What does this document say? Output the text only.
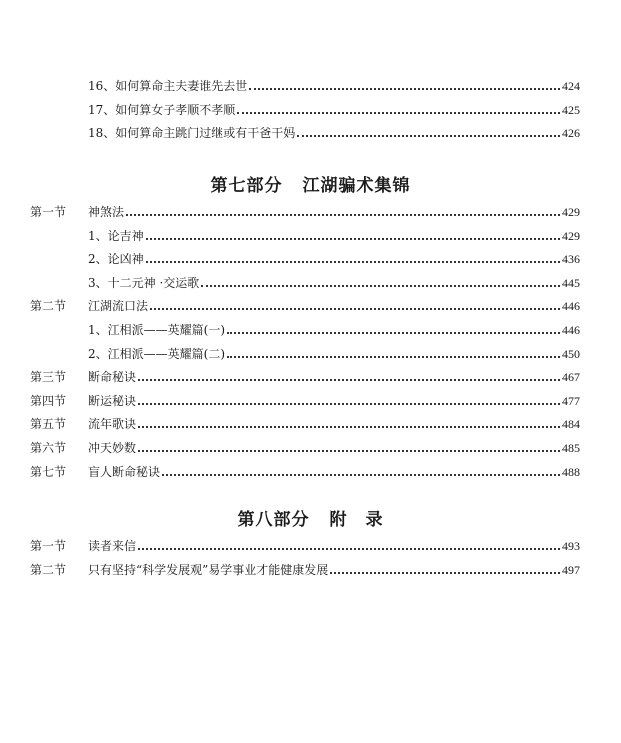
16、如何算命主夫妻谁先去世	424
17、如何算女子孝顺不孝顺	425
18、如何算命主跳门过继或有干爸干妈	426
第七部分 江湖骗术集锦
第一节	神煞法	429
1、论吉神	429
2、论凶神	436
3、十二元神 ·交运歌	445
第二节	江湖流口法	446
1、江相派——英耀篇(一)	446
2、江相派——英耀篇(二)	450
第三节	断命秘诀	467
第四节	断运秘诀	477
第五节	流年歌诀	484
第六节	冲天妙数	485
第七节	盲人断命秘诀	488
第八部分 附　录
第一节	读者来信	493
第二节	只有坚持“科学发展观”易学事业才能健康发展	497
